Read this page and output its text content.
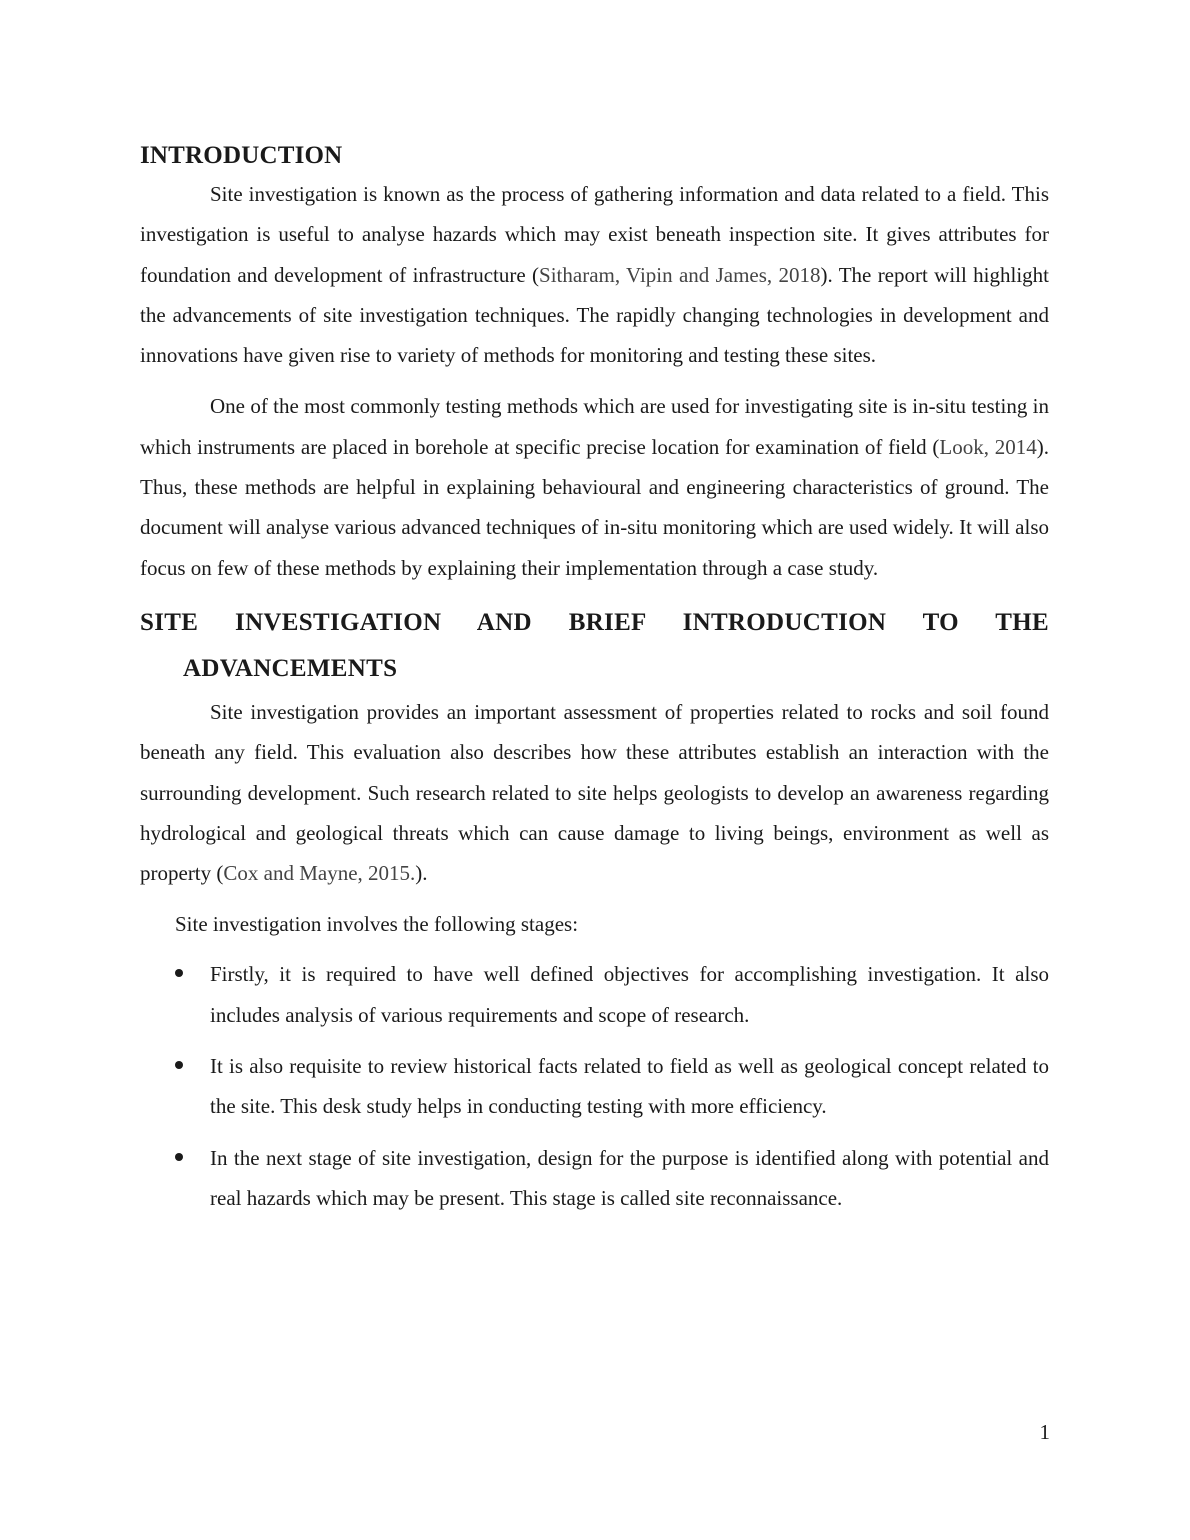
INTRODUCTION

Site investigation is known as the process of gathering information and data related to a field. This investigation is useful to analyse hazards which may exist beneath inspection site. It gives attributes for foundation and development of infrastructure (Sitharam, Vipin and James, 2018). The report will highlight the advancements of site investigation techniques. The rapidly changing technologies in development and innovations have given rise to variety of methods for monitoring and testing these sites.

One of the most commonly testing methods which are used for investigating site is in-situ testing in which instruments are placed in borehole at specific precise location for examination of field (Look, 2014). Thus, these methods are helpful in explaining behavioural and engineering characteristics of ground. The document will analyse various advanced techniques of in-situ monitoring which are used widely. It will also focus on few of these methods by explaining their implementation through a case study.

SITE INVESTIGATION AND BRIEF INTRODUCTION TO THE ADVANCEMENTS

Site investigation provides an important assessment of properties related to rocks and soil found beneath any field. This evaluation also describes how these attributes establish an interaction with the surrounding development. Such research related to site helps geologists to develop an awareness regarding hydrological and geological threats which can cause damage to living beings, environment as well as property (Cox and Mayne, 2015.).

Site investigation involves the following stages:

Firstly, it is required to have well defined objectives for accomplishing investigation. It also includes analysis of various requirements and scope of research.
It is also requisite to review historical facts related to field as well as geological concept related to the site. This desk study helps in conducting testing with more efficiency.
In the next stage of site investigation, design for the purpose is identified along with potential and real hazards which may be present. This stage is called site reconnaissance.
1
